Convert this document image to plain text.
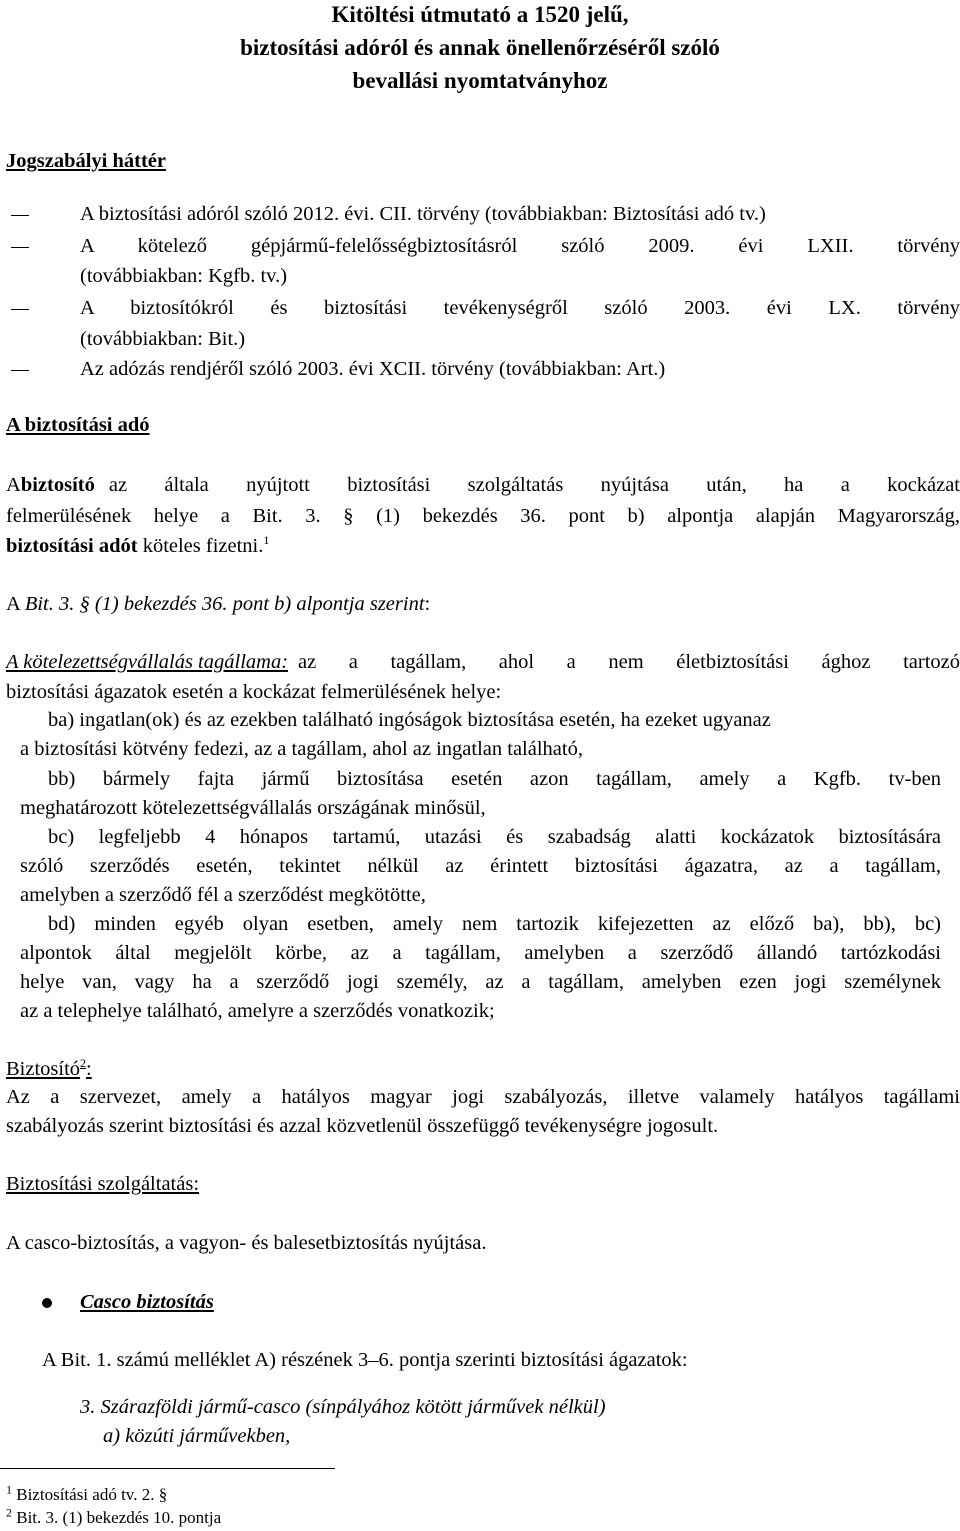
Kitöltési útmutató a 1520 jelű,
biztosítási adóról és annak önellenőrzéséről szóló
bevallási nyomtatványhoz
Jogszabályi háttér
A biztosítási adóról szóló 2012. évi. CII. törvény (továbbiakban: Biztosítási adó tv.)
A kötelező gépjármű-felelősségbiztosításról szóló 2009. évi LXII. törvény
(továbbiakban: Kgfb. tv.)
A biztosítókról és biztosítási tevékenységről szóló 2003. évi LX. törvény
(továbbiakban: Bit.)
Az adózás rendjéről szóló 2003. évi XCII. törvény (továbbiakban: Art.)
A biztosítási adó
A biztosító az általa nyújtott biztosítási szolgáltatás nyújtása után, ha a kockázat
felmerülésének helye a Bit. 3. § (1) bekezdés 36. pont b) alpontja alapján Magyarország,
biztosítási adót köteles fizetni.$^1$
A Bit. 3. § (1) bekezdés 36. pont b) alpontja szerint:
A kötelezettségvállalás tagállama: az a tagállam, ahol a nem életbiztosítási ághoz tartozó
biztosítási ágazatok esetén a kockázat felmerülésének helye:
ba) ingatlan(ok) és az ezekben található ingóságok biztosítása esetén, ha ezeket ugyanaz
a biztosítási kötvény fedezi, az a tagállam, ahol az ingatlan található,
bb) bármely fajta jármű biztosítása esetén azon tagállam, amely a Kgfb. tv-ben
meghatározott kötelezettségvállalás országának minősül,
bc) legfeljebb 4 hónapos tartamú, utazási és szabadság alatti kockázatok biztosítására
szóló szerződés esetén, tekintet nélkül az érintett biztosítási ágazatra, az a tagállam,
amelyben a szerződő fél a szerződést megkötötte,
bd) minden egyéb olyan esetben, amely nem tartozik kifejezetten az előző ba), bb), bc)
alpontok által megjelölt körbe, az a tagállam, amelyben a szerződő állandó tartózkodási
helye van, vagy ha a szerződő jogi személy, az a tagállam, amelyben ezen jogi személynek
az a telephelye található, amelyre a szerződés vonatkozik;
Biztosító$^2$:
Az a szervezet, amely a hatályos magyar jogi szabályozás, illetve valamely hatályos tagállami
szabályozás szerint biztosítási és azzal közvetlenül összefüggő tevékenységre jogosult.
Biztosítási szolgáltatás:
A casco-biztosítás, a vagyon- és balesetbiztosítás nyújtása.
Casco biztosítás
A Bit. 1. számú melléklet A) részének 3–6. pontja szerinti biztosítási ágazatok:
3. Szárazföldi jármű-casco (sínpályához kötött járművek nélkül)
a) közúti járművekben,
$^1$ Biztosítási adó tv. 2. §
$^2$ Bit. 3. (1) bekezdés 10. pontja
